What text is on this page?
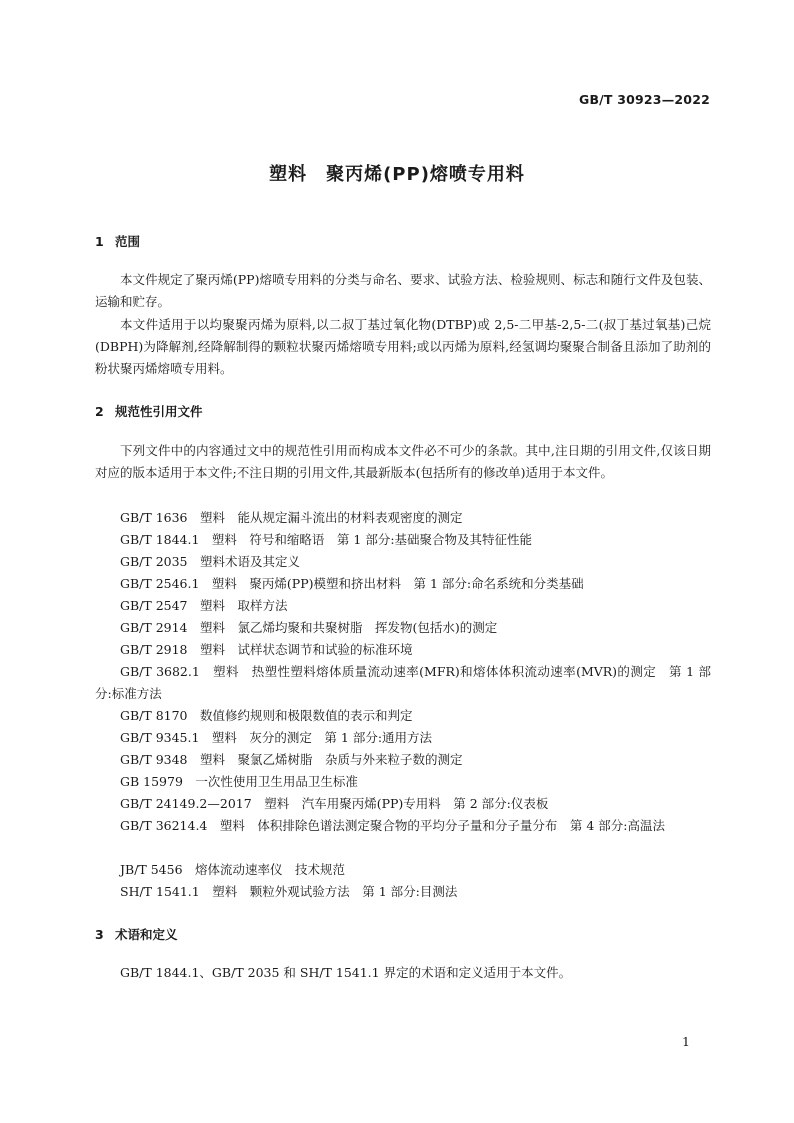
GB/T 30923—2022
塑料　聚丙烯(PP)熔喷专用料
1 范围

本文件规定了聚丙烯(PP)熔喷专用料的分类与命名、要求、试验方法、检验规则、标志和随行文件及包装、运输和贮存。

本文件适用于以均聚聚丙烯为原料,以二叔丁基过氧化物(DTBP)或 2,5-二甲基-2,5-二(叔丁基过氧基)己烷(DBPH)为降解剂,经降解制得的颗粒状聚丙烯熔喷专用料;或以丙烯为原料,经氢调均聚聚合制备且添加了助剂的粉状聚丙烯熔喷专用料。

2 规范性引用文件

下列文件中的内容通过文中的规范性引用而构成本文件必不可少的条款。其中,注日期的引用文件,仅该日期对应的版本适用于本文件;不注日期的引用文件,其最新版本(包括所有的修改单)适用于本文件。

GB/T 1636　塑料　能从规定漏斗流出的材料表观密度的测定

GB/T 1844.1　塑料　符号和缩略语　第 1 部分:基础聚合物及其特征性能

GB/T 2035　塑料术语及其定义

GB/T 2546.1　塑料　聚丙烯(PP)模塑和挤出材料　第 1 部分:命名系统和分类基础

GB/T 2547　塑料　取样方法

GB/T 2914　塑料　氯乙烯均聚和共聚树脂　挥发物(包括水)的测定

GB/T 2918　塑料　试样状态调节和试验的标准环境

GB/T 3682.1　塑料　热塑性塑料熔体质量流动速率(MFR)和熔体体积流动速率(MVR)的测定　第 1 部分:标准方法

GB/T 8170　数值修约规则和极限数值的表示和判定

GB/T 9345.1　塑料　灰分的测定　第 1 部分:通用方法

GB/T 9348　塑料　聚氯乙烯树脂　杂质与外来粒子数的测定

GB 15979　一次性使用卫生用品卫生标准

GB/T 24149.2—2017　塑料　汽车用聚丙烯(PP)专用料　第 2 部分:仪表板

GB/T 36214.4　塑料　体积排除色谱法测定聚合物的平均分子量和分子量分布　第 4 部分:高温法

JB/T 5456　熔体流动速率仪　技术规范

SH/T 1541.1　塑料　颗粒外观试验方法　第 1 部分:目测法

3 术语和定义

GB/T 1844.1、GB/T 2035 和 SH/T 1541.1 界定的术语和定义适用于本文件。

1
